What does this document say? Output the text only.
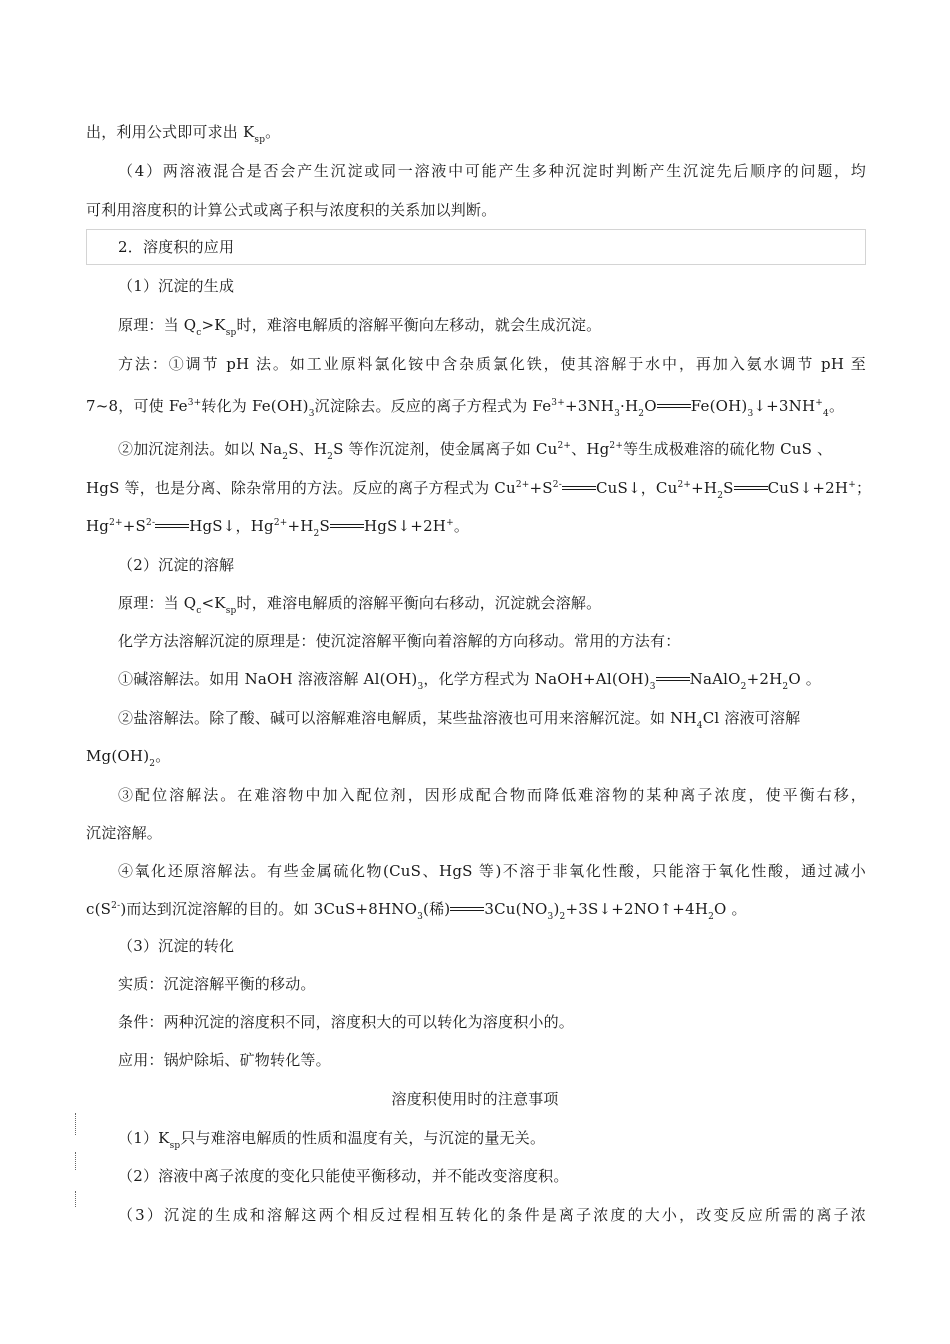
出，利用公式即可求出 $K_{sp}$。
（4）两溶液混合是否会产生沉淀或同一溶液中可能产生多种沉淀时判断产生沉淀先后顺序的问题，均
可利用溶度积的计算公式或离子积与浓度积的关系加以判断。
2．溶度积的应用
（1）沉淀的生成
原理：当 $Q_c>K_{sp}$时，难溶电解质的溶解平衡向左移动，就会生成沉淀。
方法：①调节 pH 法。如工业原料氯化铵中含杂质氯化铁，使其溶解于水中，再加入氨水调节 pH 至
7~8，可使 $Fe^{3+}$转化为 $Fe(OH)_3$沉淀除去。反应的离子方程式为 $Fe^{3+}+3NH_3\cdot H_2O$ $Fe(OH)_3↓+3NH^+_4$。
②加沉淀剂法。如以 $Na_2S$、$H_2S$ 等作沉淀剂，使金属离子如 $Cu^{2+}$、$Hg^{2+}$等生成极难溶的硫化物 CuS 、
HgS 等，也是分离、除杂常用的方法。反应的离子方程式为 $Cu^{2+}+S^{2-}$ CuS↓，$Cu^{2+}+H_2S$ CuS↓+2H+；
$Hg^{2+}+S^{2-}$ HgS↓，$Hg^{2+}+H_2S$ HgS↓+2H+。
（2）沉淀的溶解
原理：当 $Q_c<K_{sp}$时，难溶电解质的溶解平衡向右移动，沉淀就会溶解。
化学方法溶解沉淀的原理是：使沉淀溶解平衡向着溶解的方向移动。常用的方法有：
①碱溶解法。如用 NaOH 溶液溶解 $Al(OH)_3$，化学方程式为 $NaOH+Al(OH)_3$ $NaAlO_2+2H_2O$ 。
②盐溶解法。除了酸、碱可以溶解难溶电解质，某些盐溶液也可用来溶解沉淀。如 $NH_4Cl$ 溶液可溶解
$Mg(OH)_2$。
③配位溶解法。在难溶物中加入配位剂，因形成配合物而降低难溶物的某种离子浓度，使平衡右移，
沉淀溶解。
④氧化还原溶解法。有些金属硫化物(CuS、HgS 等)不溶于非氧化性酸，只能溶于氧化性酸，通过减小
$c(S^{2-})$而达到沉淀溶解的目的。如 $3CuS+8HNO_3$(稀) $3Cu(NO_3)_2+3S↓+2NO↑+4H_2O$ 。
（3）沉淀的转化
实质：沉淀溶解平衡的移动。
条件：两种沉淀的溶度积不同，溶度积大的可以转化为溶度积小的。
应用：锅炉除垢、矿物转化等。
溶度积使用时的注意事项
$(1)K_{sp}$只与难溶电解质的性质和温度有关，与沉淀的量无关。
（2）溶液中离子浓度的变化只能使平衡移动，并不能改变溶度积。
（3）沉淀的生成和溶解这两个相反过程相互转化的条件是离子浓度的大小，改变反应所需的离子浓
